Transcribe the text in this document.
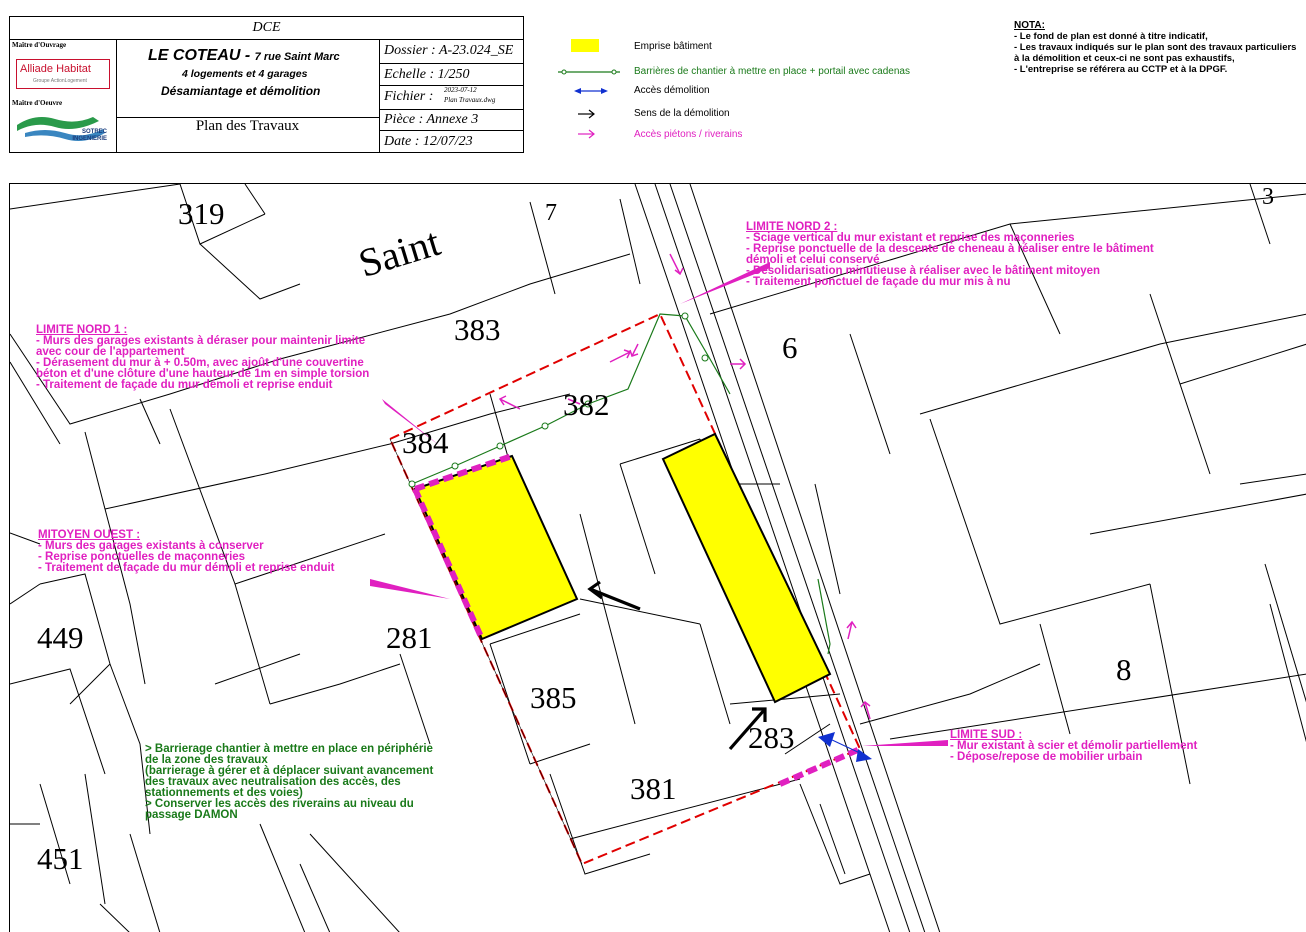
DCE
Maître d'Ouvrage
Alliade Habitat
Groupe ActionLogement
Maître d'Oeuvre
SOTREC
INGENIERIE
LE COTEAU - 7 rue Saint Marc
4 logements et 4 garages
Désamiantage et démolition
Plan des Travaux
Dossier : A-23.024_SE
Echelle : 1/250
Fichier : 2023-07-12
Plan Travaux.dwg
Pièce : Annexe 3
Date : 12/07/23
Emprise bâtiment
Barrières de chantier à mettre en place + portail avec cadenas
Accès démolition
Sens de la démolition
Accès piétons / riverains
NOTA:
- Le fond de plan est donné à titre indicatif,
- Les travaux indiqués sur le plan sont des travaux particuliers
à la démolition et ceux-ci ne sont pas exhaustifs,
- L'entreprise se référera au CCTP et à la DPGF.
Saint
319	7
3
383
382
384
6
281
385
283
381
449
451
8
LIMITE NORD 1 :
- Murs des garages existants à déraser pour maintenir limite
avec cour de l'appartement
- Dérasement du mur à + 0.50m, avec ajoût d'une couvertine
béton et d'une clôture d'une hauteur de 1m en simple torsion
- Traitement de façade du mur démoli et reprise enduit
LIMITE NORD 2 :
- Sciage vertical du mur existant et reprise des maçonneries
- Reprise ponctuelle de la descente de cheneau à réaliser entre le bâtiment
démoli et celui conservé
- Désolidarisation minutieuse à réaliser avec le bâtiment mitoyen
- Traitement ponctuel de façade du mur mis à nu
MITOYEN OUEST :
- Murs des garages existants à conserver
- Reprise ponctuelles de maçonneries
- Traitement de façade du mur démoli et reprise enduit
LIMITE SUD :
- Mur existant à scier et démolir partiellement
- Dépose/repose de mobilier urbain
> Barrierage chantier à mettre en place en périphérie
de la zone des travaux
(barrierage à gérer et à déplacer suivant avancement
des travaux avec neutralisation des accès, des
stationnements et des voies)
> Conserver les accès des riverains au niveau du
passage DAMON
